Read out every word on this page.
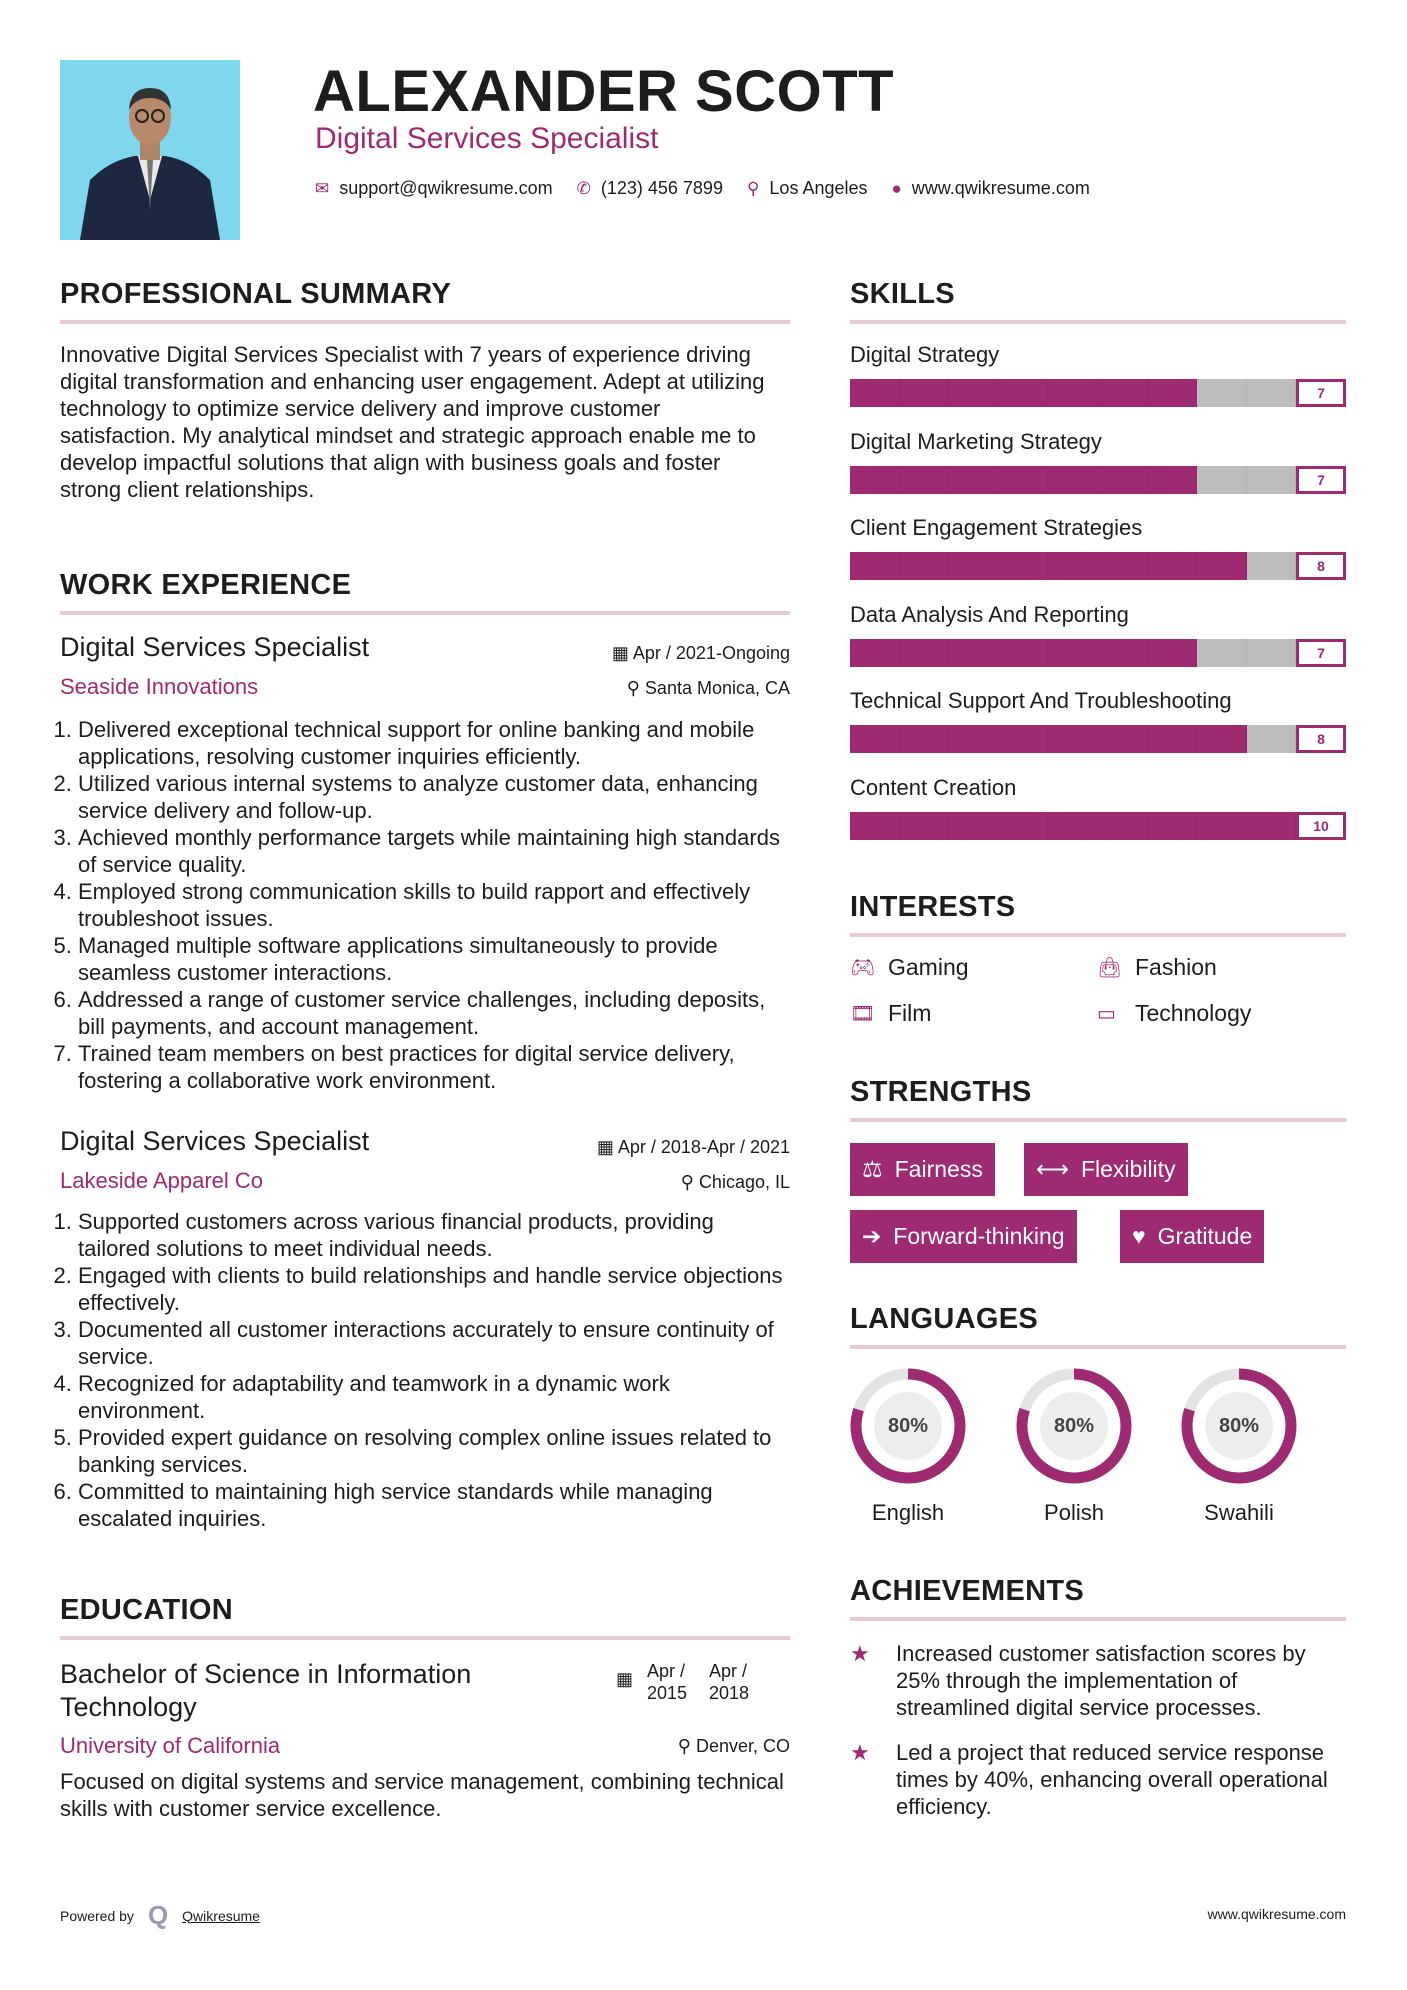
ALEXANDER SCOTT
Digital Services Specialist
✉ support@qwikresume.com ✆ (123) 456 7899 ⚲ Los Angeles ● www.qwikresume.com
PROFESSIONAL SUMMARY
Innovative Digital Services Specialist with 7 years of experience driving digital transformation and enhancing user engagement. Adept at utilizing technology to optimize service delivery and improve customer satisfaction. My analytical mindset and strategic approach enable me to develop impactful solutions that align with business goals and foster strong client relationships.
WORK EXPERIENCE
Digital Services Specialist	▦ Apr / 2021-Ongoing
Seaside Innovations	⚲ Santa Monica, CA
1. Delivered exceptional technical support for online banking and mobile applications, resolving customer inquiries efficiently.
2. Utilized various internal systems to analyze customer data, enhancing service delivery and follow-up.
3. Achieved monthly performance targets while maintaining high standards of service quality.
4. Employed strong communication skills to build rapport and effectively troubleshoot issues.
5. Managed multiple software applications simultaneously to provide seamless customer interactions.
6. Addressed a range of customer service challenges, including deposits, bill payments, and account management.
7. Trained team members on best practices for digital service delivery, fostering a collaborative work environment.
Digital Services Specialist	▦ Apr / 2018-Apr / 2021
Lakeside Apparel Co	⚲ Chicago, IL
1. Supported customers across various financial products, providing tailored solutions to meet individual needs.
2. Engaged with clients to build relationships and handle service objections effectively.
3. Documented all customer interactions accurately to ensure continuity of service.
4. Recognized for adaptability and teamwork in a dynamic work environment.
5. Provided expert guidance on resolving complex online issues related to banking services.
6. Committed to maintaining high service standards while managing escalated inquiries.
EDUCATION
Bachelor of Science in Information Technology
▦ Apr / 2015
Apr / 2018
University of California	⚲ Denver, CO
Focused on digital systems and service management, combining technical skills with customer service excellence.
SKILLS
Digital Strategy
7
Digital Marketing Strategy
7
Client Engagement Strategies
8
Data Analysis And Reporting
7
Technical Support And Troubleshooting
8
Content Creation
10
INTERESTS
🎮︎ Gaming	👜︎ Fashion
🎞︎ Film	▭ Technology
STRENGTHS
⚖ Fairness ⟷ Flexibility
➔ Forward-thinking	♥ Gratitude
LANGUAGES
80%
English
80%
Polish
80%
Swahili
ACHIEVEMENTS
★	Increased customer satisfaction scores by 25% through the implementation of streamlined digital service processes.
★	Led a project that reduced service response times by 40%, enhancing overall operational efficiency.
Powered by Q Qwikresume	www.qwikresume.com
